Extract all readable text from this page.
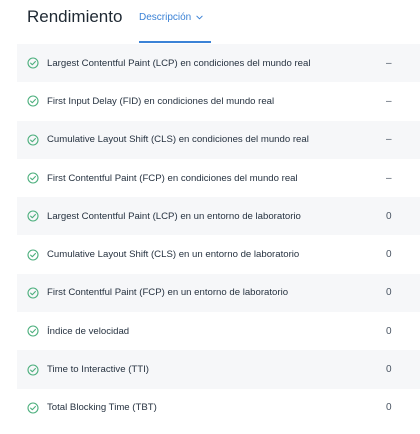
Rendimiento Descripción
Largest Contentful Paint (LCP) en condiciones del mundo real	–
First Input Delay (FID) en condiciones del mundo real	–
Cumulative Layout Shift (CLS) en condiciones del mundo real	–
First Contentful Paint (FCP) en condiciones del mundo real	–
Largest Contentful Paint (LCP) en un entorno de laboratorio	0
Cumulative Layout Shift (CLS) en un entorno de laboratorio	0
First Contentful Paint (FCP) en un entorno de laboratorio	0
Índice de velocidad	0
Time to Interactive (TTI)	0
Total Blocking Time (TBT)	0
